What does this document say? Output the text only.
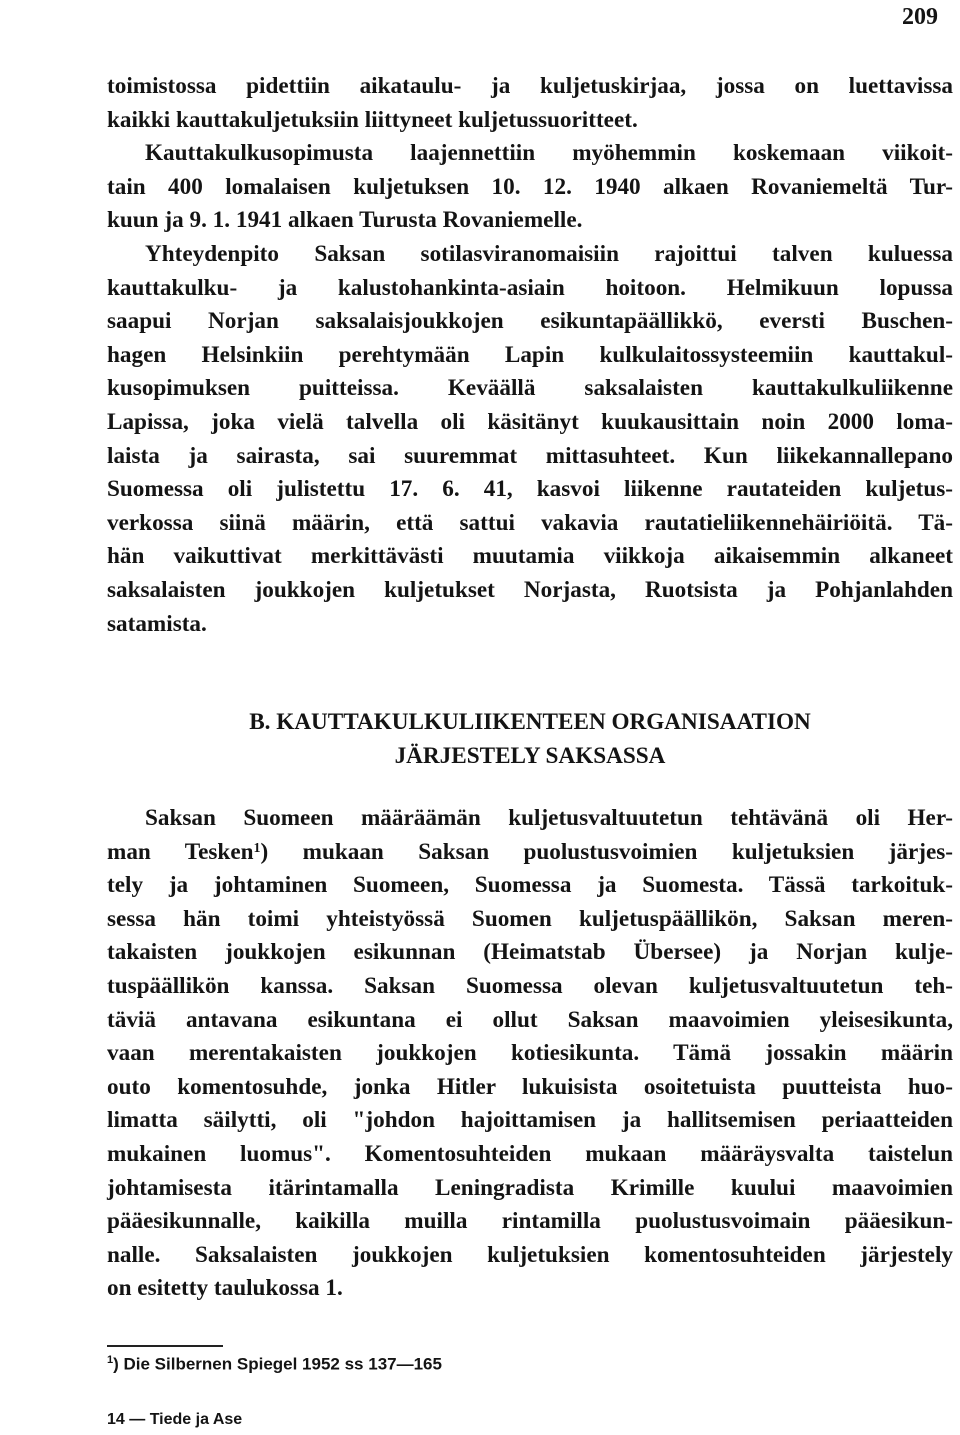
209
toimistossa pidettiin aikataulu- ja kuljetuskirjaa, jossa on luettavissa
kaikki kauttakuljetuksiin liittyneet kuljetussuoritteet.
Kauttakulkusopimusta laajennettiin myöhemmin koskemaan viikoit-
tain 400 lomalaisen kuljetuksen 10. 12. 1940 alkaen Rovaniemeltä Tur-
kuun ja 9. 1. 1941 alkaen Turusta Rovaniemelle.
Yhteydenpito Saksan sotilasviranomaisiin rajoittui talven kuluessa
kauttakulku- ja kalustohankinta-asiain hoitoon. Helmikuun lopussa
saapui Norjan saksalaisjoukkojen esikuntapäällikkö, eversti Buschen-
hagen Helsinkiin perehtymään Lapin kulkulaitossysteemiin kauttakul-
kusopimuksen puitteissa. Keväällä saksalaisten kauttakulkuliikenne
Lapissa, joka vielä talvella oli käsitänyt kuukausittain noin 2000 loma-
laista ja sairasta, sai suuremmat mittasuhteet. Kun liikekannallepano
Suomessa oli julistettu 17. 6. 41, kasvoi liikenne rautateiden kuljetus-
verkossa siinä määrin, että sattui vakavia rautatieliikennehäiriöitä. Tä-
hän vaikuttivat merkittävästi muutamia viikkoja aikaisemmin alkaneet
saksalaisten joukkojen kuljetukset Norjasta, Ruotsista ja Pohjanlahden
satamista.
B. KAUTTAKULKULIIKENTEEN ORGANISAATION
JÄRJESTELY SAKSASSA
Saksan Suomeen määräämän kuljetusvaltuutetun tehtävänä oli Her-
man Tesken$^1$) mukaan Saksan puolustusvoimien kuljetuksien järjes-
tely ja johtaminen Suomeen, Suomessa ja Suomesta. Tässä tarkoituk-
sessa hän toimi yhteistyössä Suomen kuljetuspäällikön, Saksan meren-
takaisten joukkojen esikunnan (Heimatstab Übersee) ja Norjan kulje-
tuspäällikön kanssa. Saksan Suomessa olevan kuljetusvaltuutetun teh-
täviä antavana esikuntana ei ollut Saksan maavoimien yleisesikunta,
vaan merentakaisten joukkojen kotiesikunta. Tämä jossakin määrin
outo komentosuhde, jonka Hitler lukuisista osoitetuista puutteista huo-
limatta säilytti, oli "johdon hajoittamisen ja hallitsemisen periaatteiden
mukainen luomus". Komentosuhteiden mukaan määräysvalta taistelun
johtamisesta itärintamalla Leningradista Krimille kuului maavoimien
pääesikunnalle, kaikilla muilla rintamilla puolustusvoimain pääesikun-
nalle. Saksalaisten joukkojen kuljetuksien komentosuhteiden järjestely
on esitetty taulukossa 1.
$^1$) Die Silbernen Spiegel 1952 ss 137—165
14 — Tiede ja Ase
